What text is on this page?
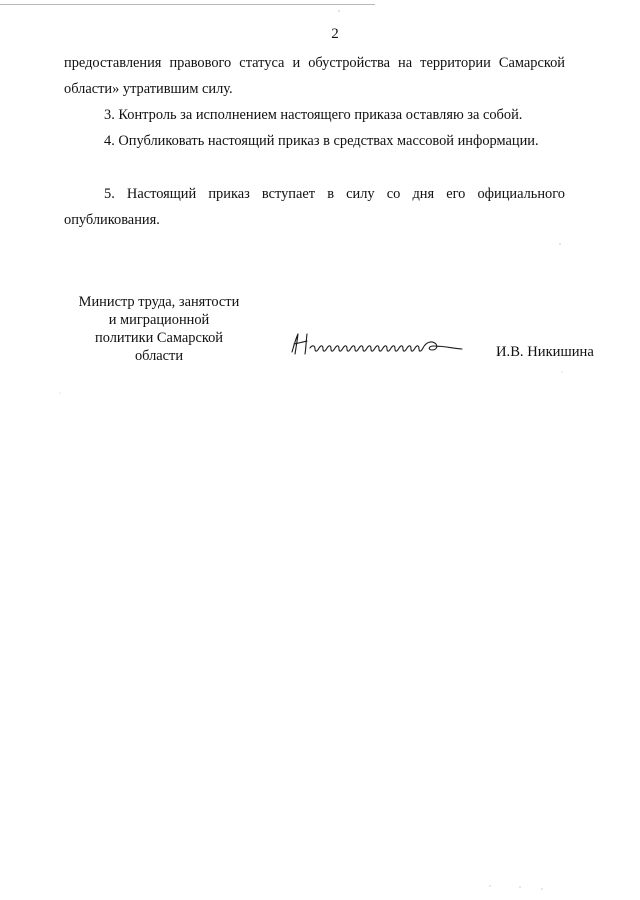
2

предоставления правового статуса и обустройства на территории Самарской области» утратившим силу.

3. Контроль за исполнением настоящего приказа оставляю за собой.

4. Опубликовать настоящий приказ в средствах массовой информации.

5. Настоящий приказ вступает в силу со дня его официального опубликования.

Министр труда, занятости
и миграционной
политики Самарской
области	И.В. Никишина
